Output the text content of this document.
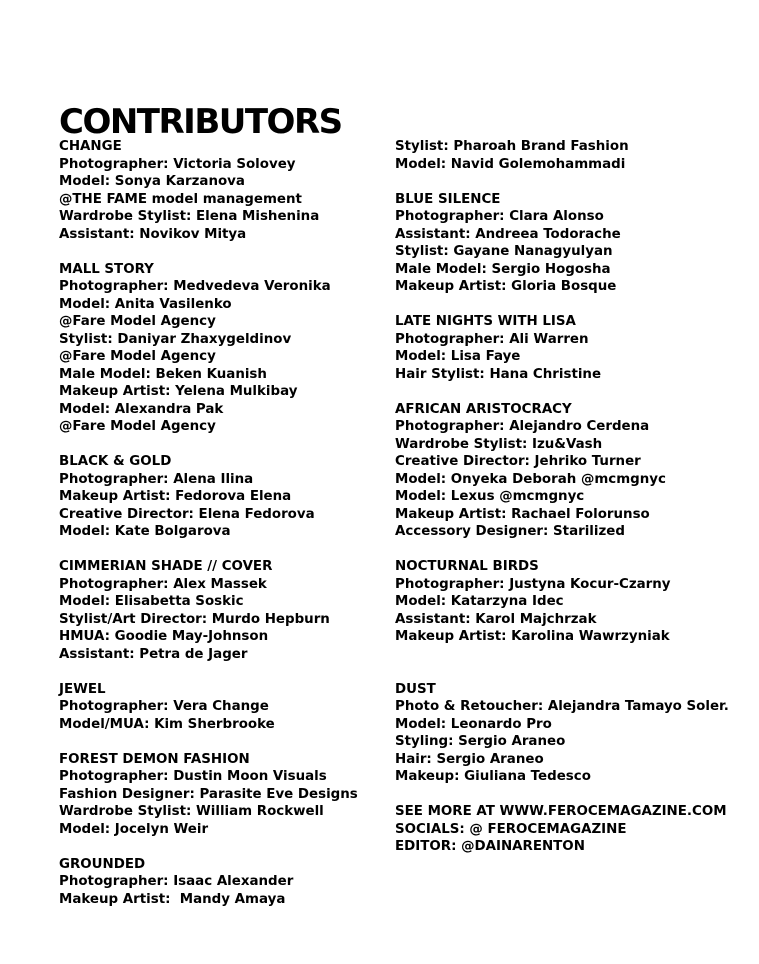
CONTRIBUTORS
CHANGE
Photographer: Victoria Solovey
Model: Sonya Karzanova
@THE FAME model management
Wardrobe Stylist: Elena Mishenina
Assistant: Novikov Mitya
MALL STORY
Photographer: Medvedeva Veronika
Model: Anita Vasilenko
@Fare Model Agency
Stylist: Daniyar Zhaxygeldinov
@Fare Model Agency
Male Model: Beken Kuanish
Makeup Artist: Yelena Mulkibay
Model: Alexandra Pak
@Fare Model Agency
BLACK & GOLD
Photographer: Alena Ilina
Makeup Artist: Fedorova Elena
Creative Director: Elena Fedorova
Model: Kate Bolgarova
CIMMERIAN SHADE // COVER
Photographer: Alex Massek
Model: Elisabetta Soskic
Stylist/Art Director: Murdo Hepburn
HMUA: Goodie May-Johnson
Assistant: Petra de Jager
JEWEL
Photographer: Vera Change
Model/MUA: Kim Sherbrooke
FOREST DEMON FASHION
Photographer: Dustin Moon Visuals
Fashion Designer: Parasite Eve Designs
Wardrobe Stylist: William Rockwell
Model: Jocelyn Weir
GROUNDED
Photographer: Isaac Alexander
Makeup Artist:  Mandy Amaya
Stylist: Pharoah Brand Fashion
Model: Navid Golemohammadi
BLUE SILENCE
Photographer: Clara Alonso
Assistant: Andreea Todorache
Stylist: Gayane Nanagyulyan
Male Model: Sergio Hogosha
Makeup Artist: Gloria Bosque
LATE NIGHTS WITH LISA
Photographer: Ali Warren
Model: Lisa Faye
Hair Stylist: Hana Christine
AFRICAN ARISTOCRACY
Photographer: Alejandro Cerdena
Wardrobe Stylist: Izu&Vash
Creative Director: Jehriko Turner
Model: Onyeka Deborah @mcmgnyc
Model: Lexus @mcmgnyc
Makeup Artist: Rachael Folorunso
Accessory Designer: Starilized
NOCTURNAL BIRDS
Photographer: Justyna Kocur-Czarny
Model: Katarzyna Idec
Assistant: Karol Majchrzak
Makeup Artist: Karolina Wawrzyniak
DUST
Photo & Retoucher: Alejandra Tamayo Soler.
Model: Leonardo Pro
Styling: Sergio Araneo
Hair: Sergio Araneo
Makeup: Giuliana Tedesco
SEE MORE AT WWW.FEROCEMAGAZINE.COM
SOCIALS: @ FEROCEMAGAZINE
EDITOR: @DAINARENTON
